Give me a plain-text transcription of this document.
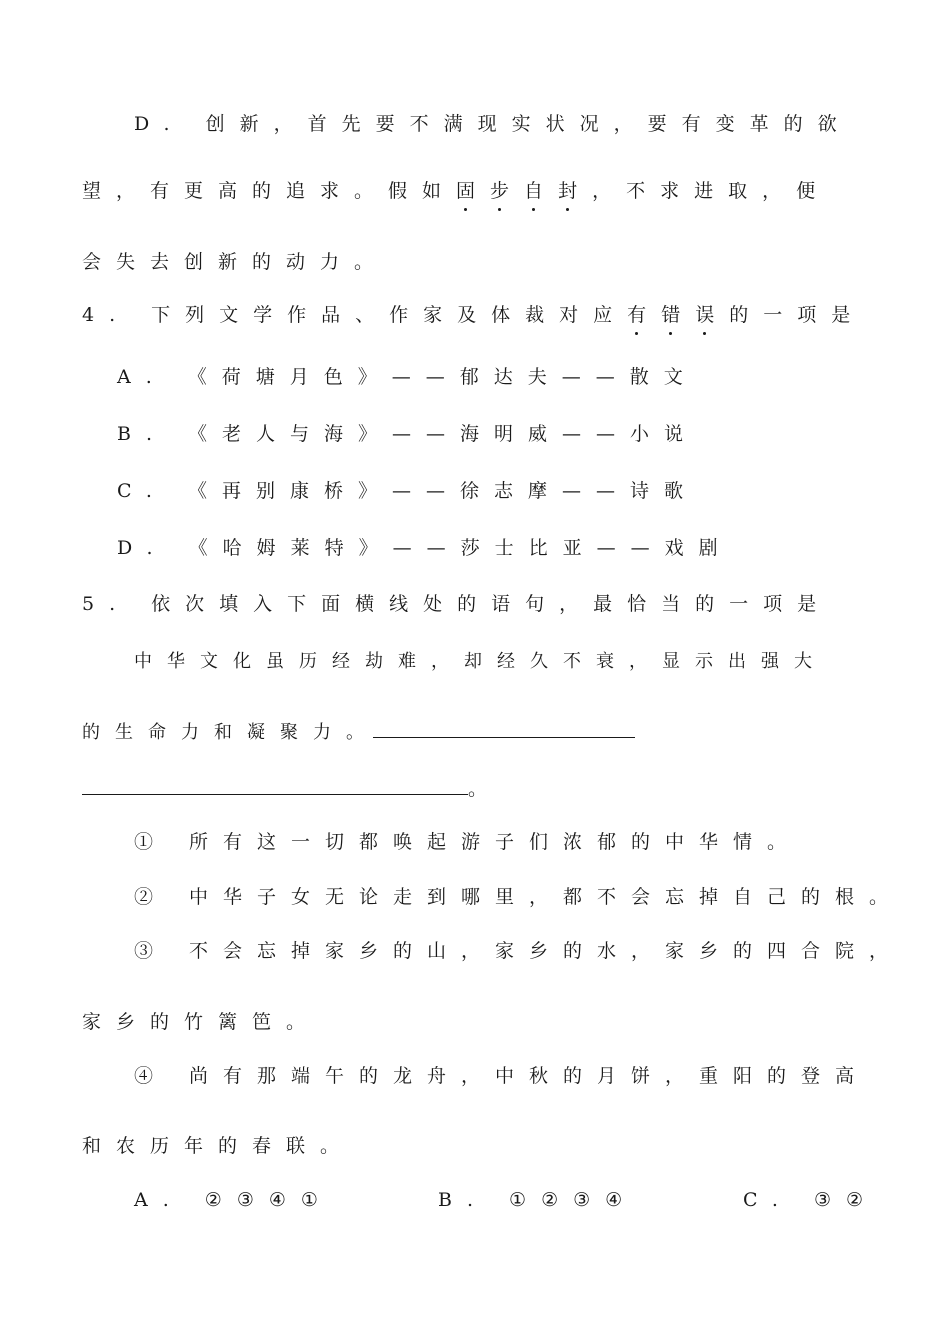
D. 创新，首先要不满现实状况，要有变革的欲

望，有更高的追求。假如固步自封，不求进取，便

会失去创新的动力。

4. 下列文学作品、作家及体裁对应有错误的一项是

A. 《荷塘月色》——郁达夫——散文

B. 《老人与海》——海明威——小说

C. 《再别康桥》——徐志摩——诗歌

D. 《哈姆莱特》——莎士比亚——戏剧

5. 依次填入下面横线处的语句，最恰当的一项是

中华文化虽历经劫难，却经久不衰，显示出强大

的生命力和凝聚力。

。

① 所有这一切都唤起游子们浓郁的中华情。

② 中华子女无论走到哪里，都不会忘掉自己的根。

③ 不会忘掉家乡的山，家乡的水，家乡的四合院，

家乡的竹篱笆。

④ 尚有那端午的龙舟，中秋的月饼，重阳的登高

和农历年的春联。

A. ②③④①	B. ①②③④	C. ③②
